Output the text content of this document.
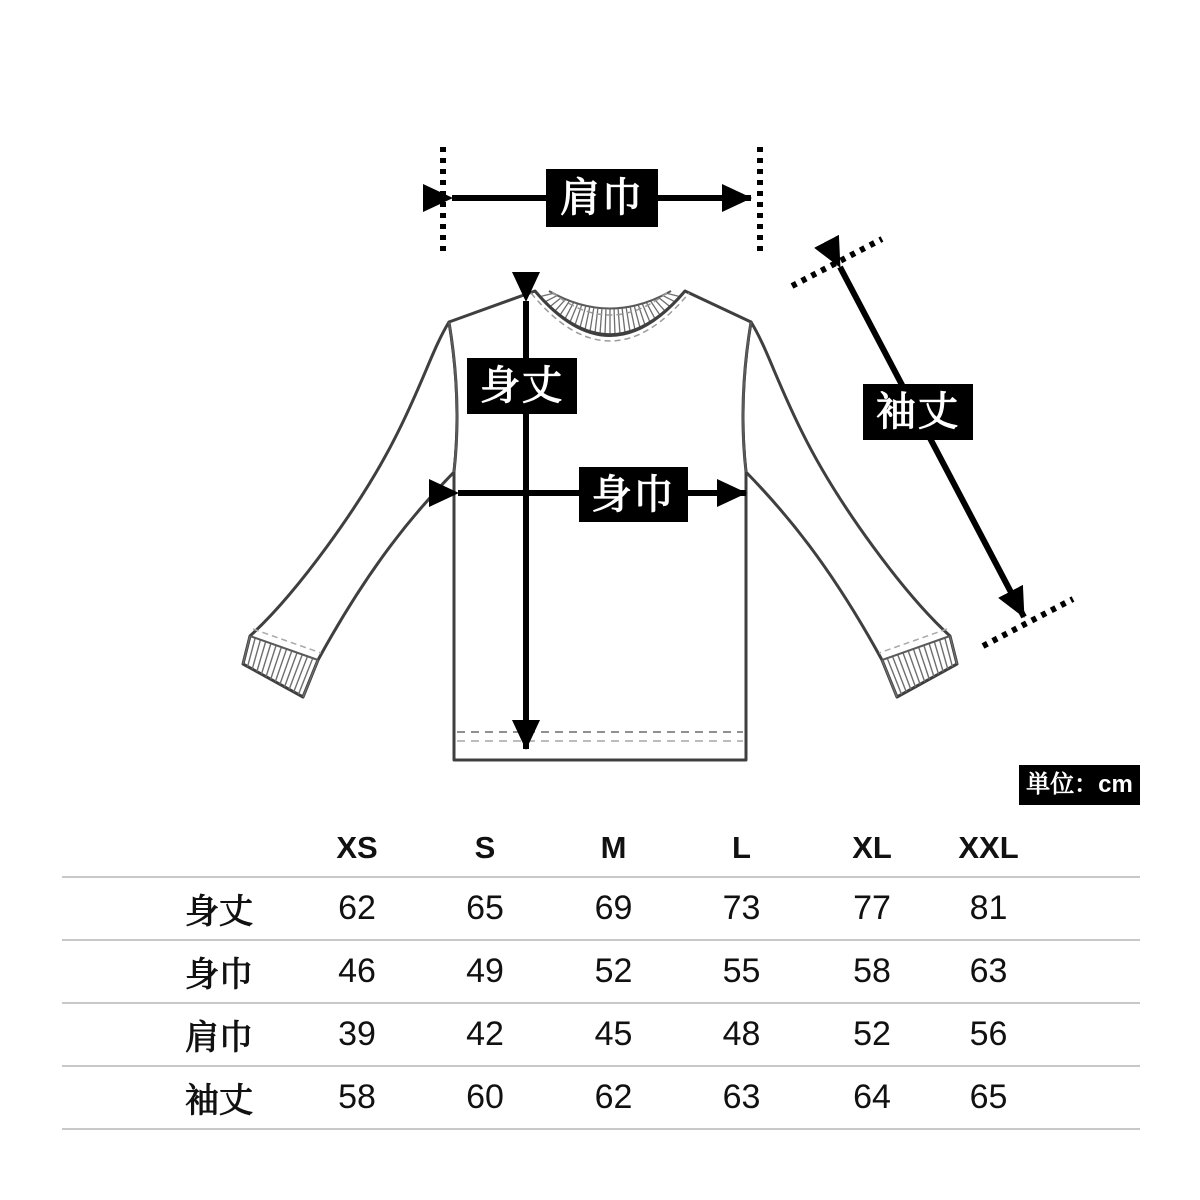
肩巾
身丈
身巾
袖丈
単位：cm
XS	S	M	L	XL	XXL
身丈	62	65	69	73	77	81
身巾	46	49	52	55	58	63
肩巾	39	42	45	48	52	56
袖丈	58	60	62	63	64	65
